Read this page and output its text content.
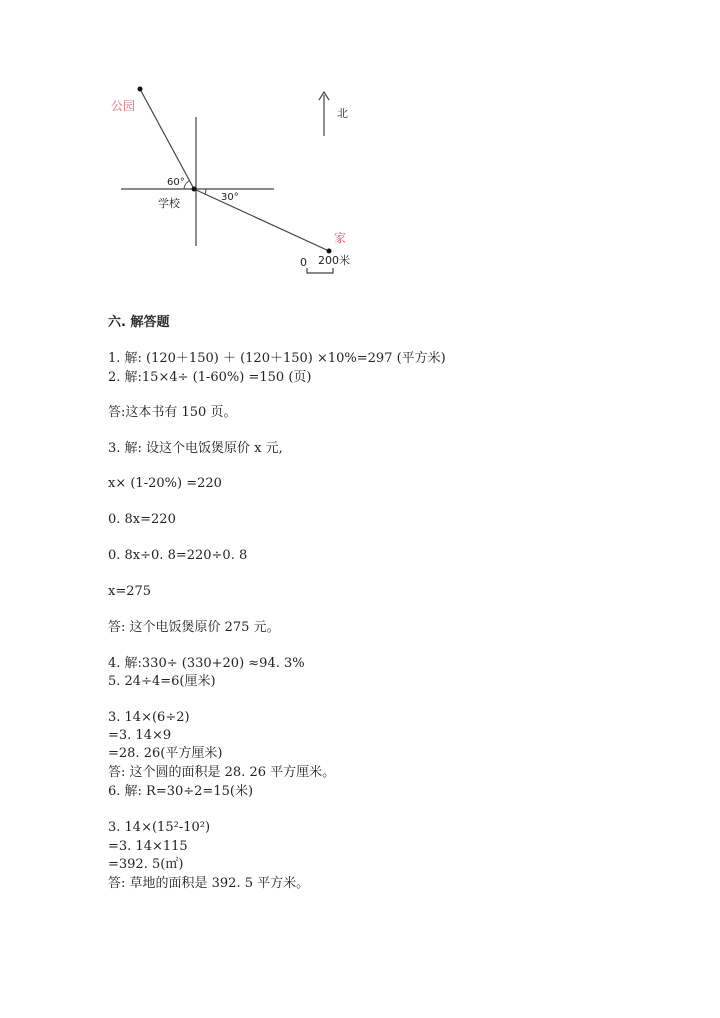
公园
北
60°
30°
学校
家
0 200米
六. 解答题
1. 解: (120＋150) ＋ (120＋150) ×10%=297 (平方米)
2. 解:15×4÷ (1-60%) =150 (页)
答:这本书有 150 页。
3. 解: 设这个电饭煲原价 x 元,
x× (1-20%) =220
0. 8x=220
0. 8x÷0. 8=220÷0. 8
x=275
答: 这个电饭煲原价 275 元。
4. 解:330÷ (330+20) ≈94. 3%
5. 24÷4=6(厘米)
3. 14×(6÷2)
=3. 14×9
=28. 26(平方厘米)
答: 这个圆的面积是 28. 26 平方厘米。
6. 解: R=30÷2=15(米)
3. 14×(15²-10²)
=3. 14×115
=392. 5(㎡)
答: 草地的面积是 392. 5 平方米。
